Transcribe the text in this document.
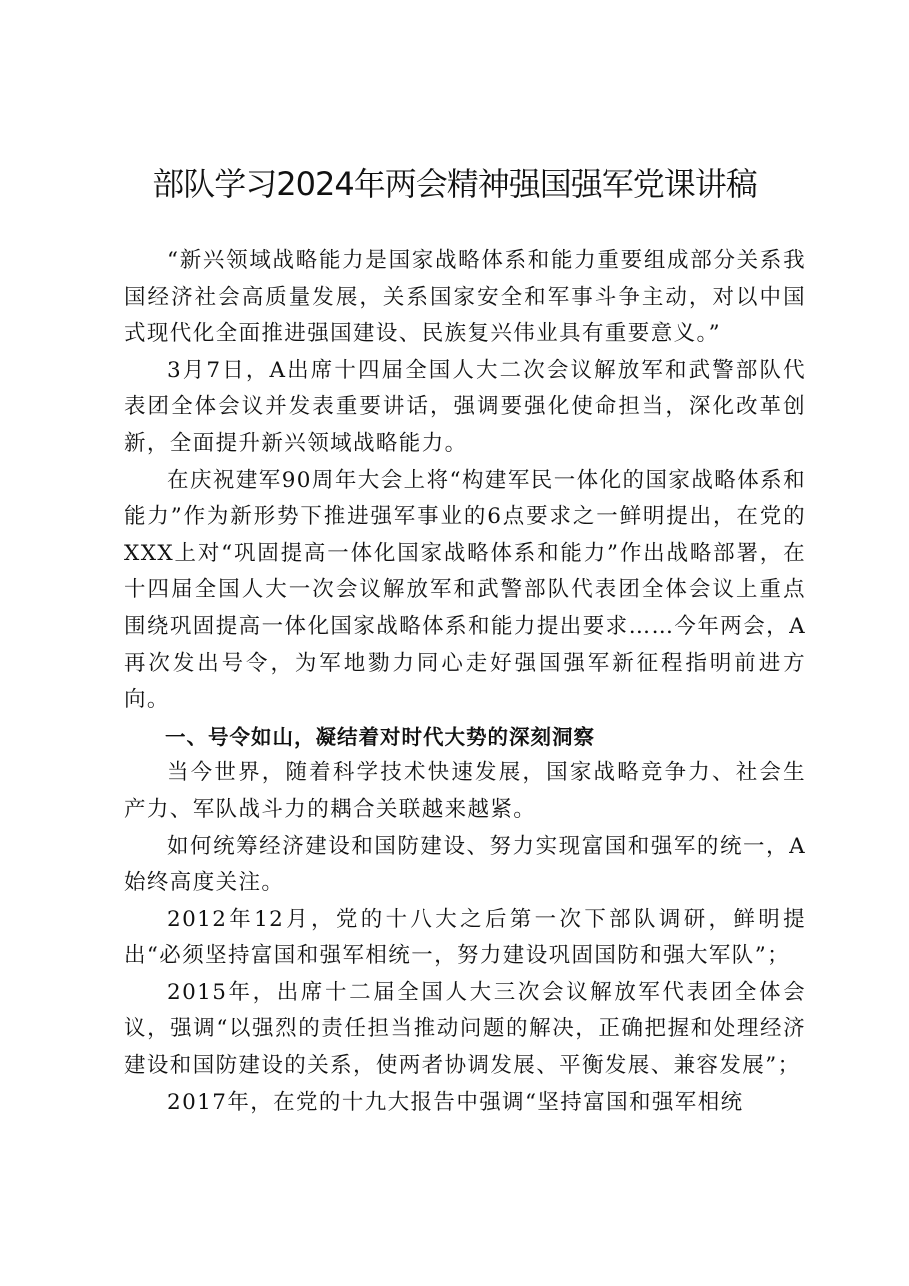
部队学习2024年两会精神强国强军党课讲稿

“新兴领域战略能力是国家战略体系和能力重要组成部分关系我国经济社会高质量发展，关系国家安全和军事斗争主动，对以中国式现代化全面推进强国建设、民族复兴伟业具有重要意义。”

3月7日，A出席十四届全国人大二次会议解放军和武警部队代表团全体会议并发表重要讲话，强调要强化使命担当，深化改革创新，全面提升新兴领域战略能力。

在庆祝建军90周年大会上将“构建军民一体化的国家战略体系和能力”作为新形势下推进强军事业的6点要求之一鲜明提出，在党的XXX上对“巩固提高一体化国家战略体系和能力”作出战略部署，在十四届全国人大一次会议解放军和武警部队代表团全体会议上重点围绕巩固提高一体化国家战略体系和能力提出要求……今年两会，A再次发出号令，为军地勠力同心走好强国强军新征程指明前进方向。

一、号令如山，凝结着对时代大势的深刻洞察

当今世界，随着科学技术快速发展，国家战略竞争力、社会生产力、军队战斗力的耦合关联越来越紧。

如何统筹经济建设和国防建设、努力实现富国和强军的统一，A始终高度关注。

2012年12月，党的十八大之后第一次下部队调研，鲜明提出“必须坚持富国和强军相统一，努力建设巩固国防和强大军队”；

2015年，出席十二届全国人大三次会议解放军代表团全体会议，强调“以强烈的责任担当推动问题的解决，正确把握和处理经济建设和国防建设的关系，使两者协调发展、平衡发展、兼容发展”；

2017年，在党的十九大报告中强调“坚持富国和强军相统
